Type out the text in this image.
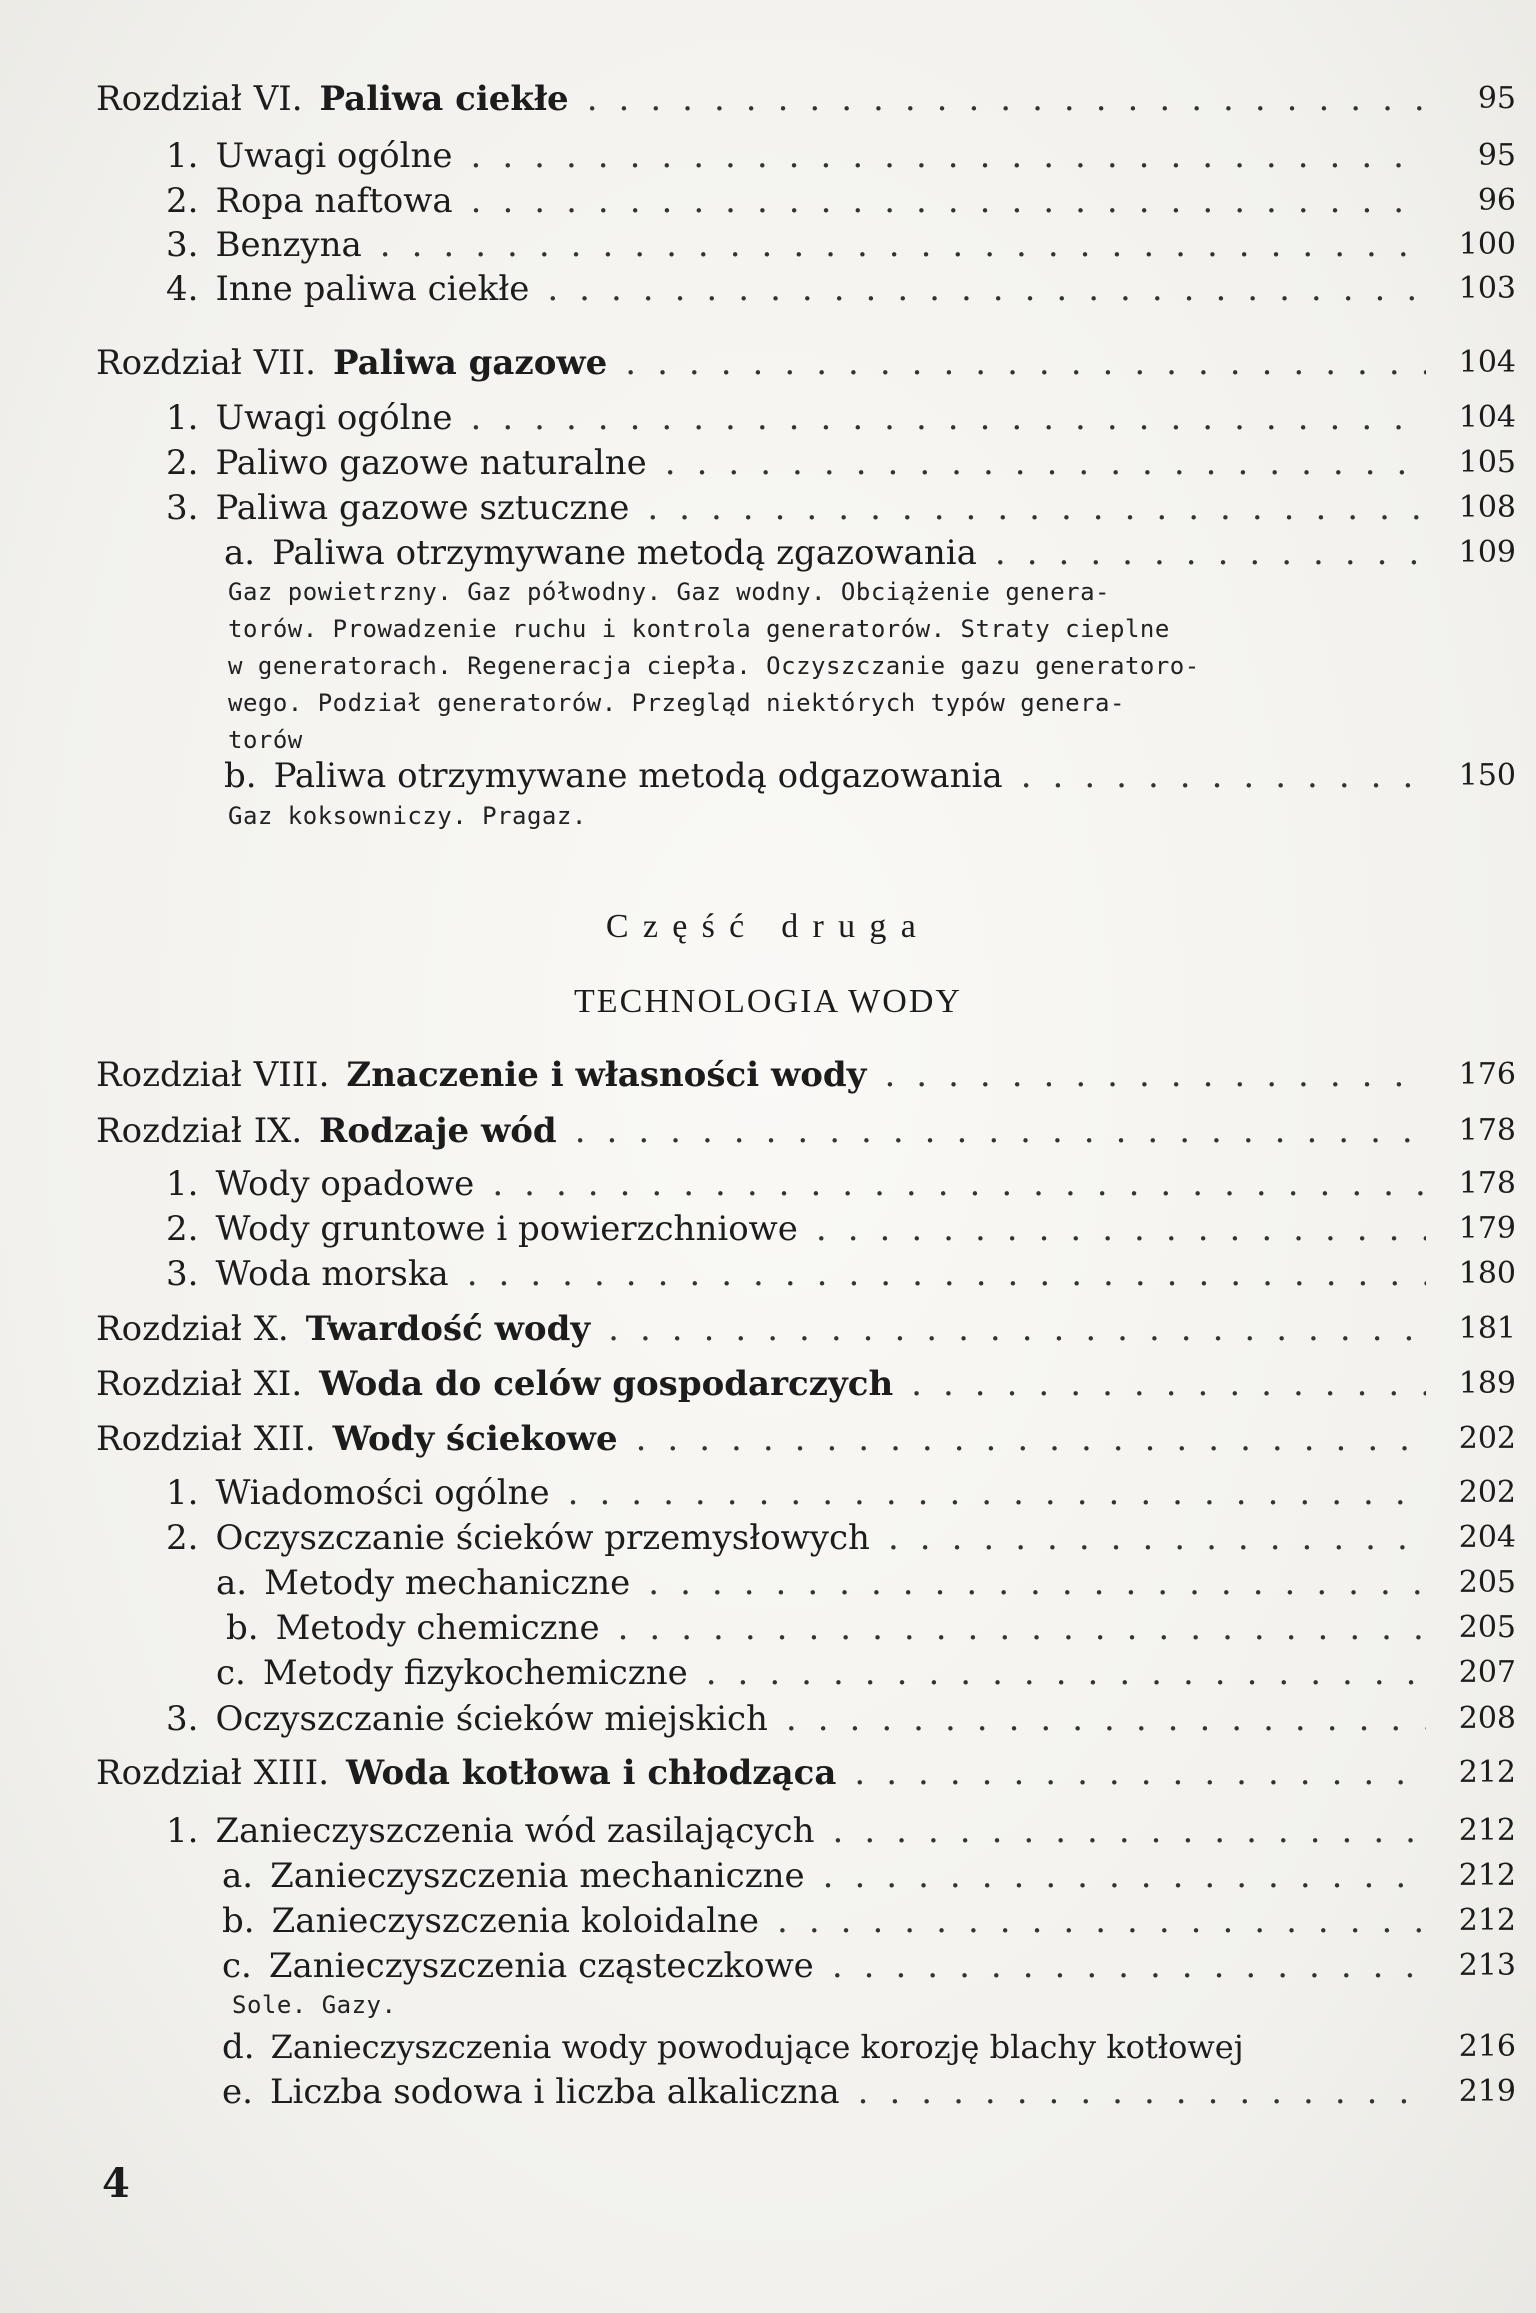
Rozdział VI. Paliwa ciekłe . . .	95
1. Uwagi ogólne . . .	95
2. Ropa naftowa . . .	96
3. Benzyna . . .	100
4. Inne paliwa ciekłe . . .	103
Rozdział VII. Paliwa gazowe . . .	104
1. Uwagi ogólne . . .	104
2. Paliwo gazowe naturalne . . .	105
3. Paliwa gazowe sztuczne . . .	108
a. Paliwa otrzymywane metodą zgazowania . . .	109
Gaz powietrzny. Gaz półwodny. Gaz wodny. Obciążenie genera-
torów. Prowadzenie ruchu i kontrola generatorów. Straty cieplne
w generatorach. Regeneracja ciepła. Oczyszczanie gazu generatoro-
wego. Podział generatorów. Przegląd niektórych typów genera-
torów
b. Paliwa otrzymywane metodą odgazowania . . .	150
Gaz koksowniczy. Pragaz.
Część druga
TECHNOLOGIA WODY
Rozdział VIII. Znaczenie i własności wody . . .	176
Rozdział IX. Rodzaje wód . . .	178
1. Wody opadowe . . .	178
2. Wody gruntowe i powierzchniowe . . .	179
3. Woda morska . . .	180
Rozdział X. Twardość wody . . .	181
Rozdział XI. Woda do celów gospodarczych . . .	189
Rozdział XII. Wody ściekowe . . .	202
1. Wiadomości ogólne . . .	202
2. Oczyszczanie ścieków przemysłowych . . .	204
a. Metody mechaniczne . . .	205
b. Metody chemiczne . . .	205
c. Metody fizykochemiczne . . .	207
3. Oczyszczanie ścieków miejskich . . .	208
Rozdział XIII. Woda kotłowa i chłodząca . . .	212
1. Zanieczyszczenia wód zasilających . . .	212
a. Zanieczyszczenia mechaniczne . . .	212
b. Zanieczyszczenia koloidalne . . .	212
c. Zanieczyszczenia cząsteczkowe . . .	213
Sole. Gazy.
d. Zanieczyszczenia wody powodujące korozję blachy kotłowej	216
e. Liczba sodowa i liczba alkaliczna . . .	219
4
